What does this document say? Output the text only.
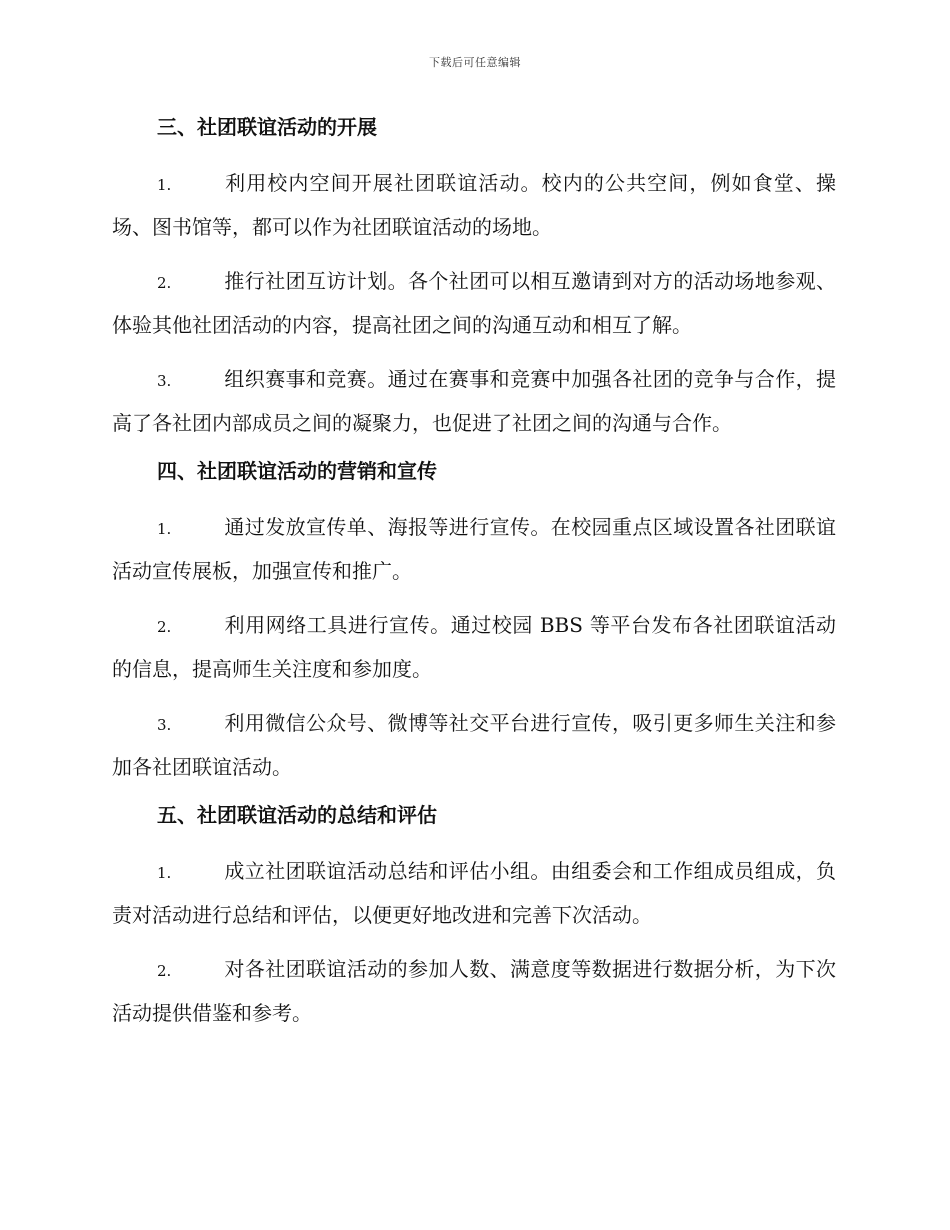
下载后可任意编辑
三、社团联谊活动的开展

1.	利用校内空间开展社团联谊活动。校内的公共空间，例如食堂、操场、图书馆等，都可以作为社团联谊活动的场地。

2.	推行社团互访计划。各个社团可以相互邀请到对方的活动场地参观、体验其他社团活动的内容，提高社团之间的沟通互动和相互了解。

3.	组织赛事和竞赛。通过在赛事和竞赛中加强各社团的竞争与合作，提高了各社团内部成员之间的凝聚力，也促进了社团之间的沟通与合作。

四、社团联谊活动的营销和宣传

1.	通过发放宣传单、海报等进行宣传。在校园重点区域设置各社团联谊活动宣传展板，加强宣传和推广。

2.	利用网络工具进行宣传。通过校园 BBS 等平台发布各社团联谊活动的信息，提高师生关注度和参加度。

3.	利用微信公众号、微博等社交平台进行宣传，吸引更多师生关注和参加各社团联谊活动。

五、社团联谊活动的总结和评估

1.	成立社团联谊活动总结和评估小组。由组委会和工作组成员组成，负责对活动进行总结和评估，以便更好地改进和完善下次活动。

2.	对各社团联谊活动的参加人数、满意度等数据进行数据分析，为下次活动提供借鉴和参考。
